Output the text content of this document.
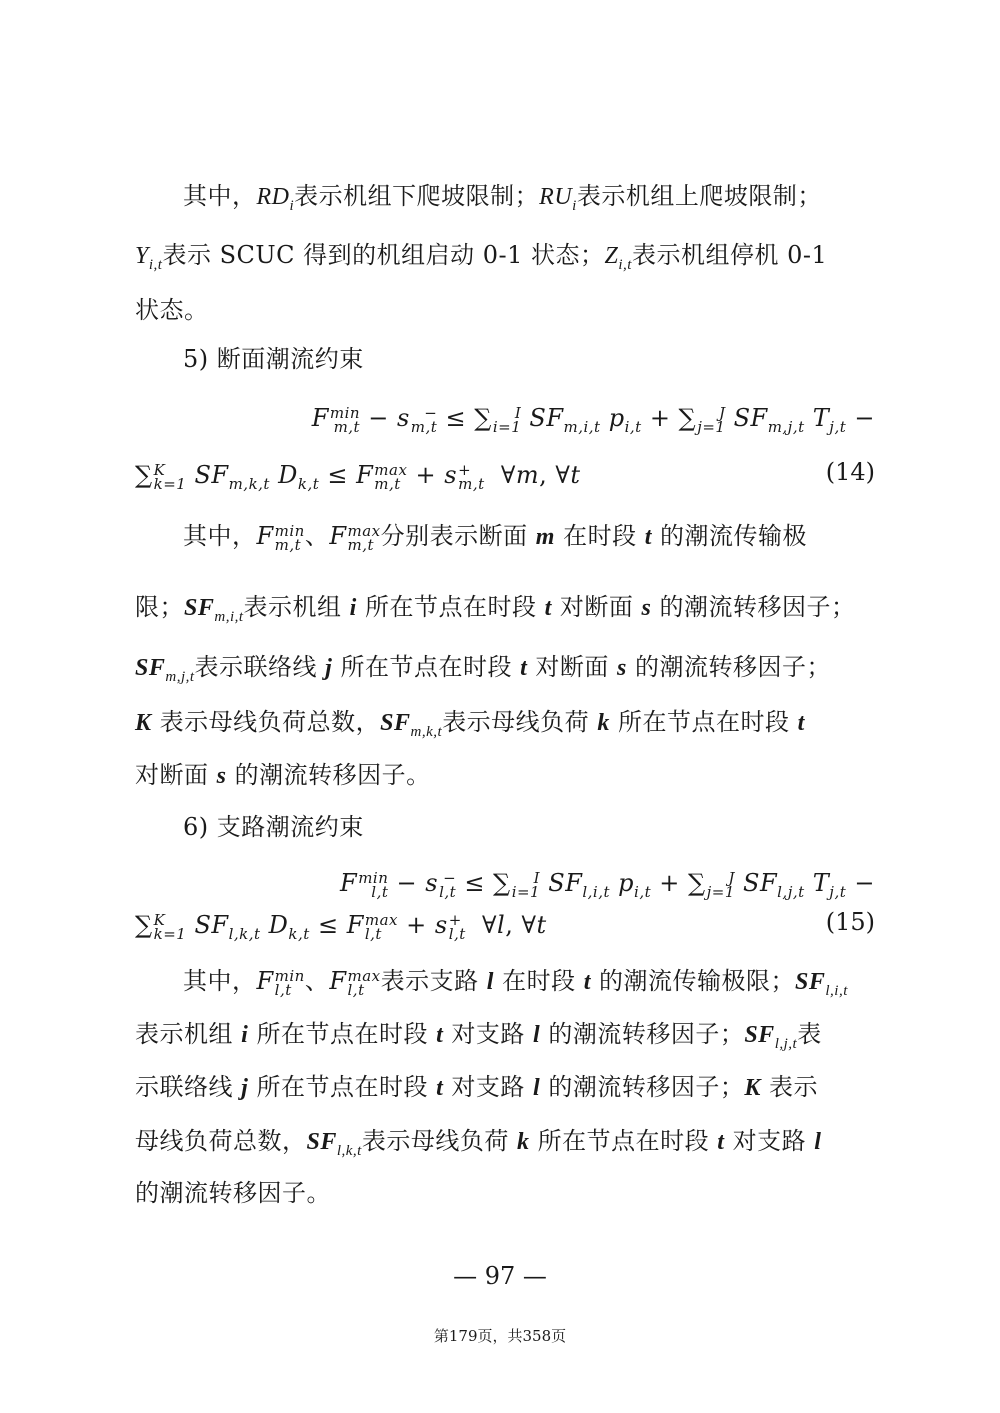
其中，$RD_i$表示机组下爬坡限制；$RU_i$表示机组上爬坡限制；
$Y_{i,t}$表示 SCUC 得到的机组启动 0-1 状态；$Z_{i,t}$表示机组停机 0-1
状态。
5) 断面潮流约束
F min
m,t − s −
m,t ≤ ∑	I
i=1 $SF_{m,i,t}$ $p_{i,t}$ + ∑	J
j=1 $SF_{m,j,t}$ $T_{j,t}$ −
∑ K
k=1 $SF_{m,k,t}$ $D_{k,t} \le F$ max
m,t + s +
m,t ∀m, ∀t	(14)
其中，F min
m,t 、F max
m,t 分别表示断面 m 在时段 t 的潮流传输极
限；$SF_{m,i,t}$表示机组 i 所在节点在时段 t 对断面 s 的潮流转移因子；
$SF_{m,j,t}$表示联络线 j 所在节点在时段 t 对断面 s 的潮流转移因子；
K 表示母线负荷总数，$SF_{m,k,t}$表示母线负荷 k 所在节点在时段 t
对断面 s 的潮流转移因子。
6) 支路潮流约束
F min
l,t − s −
l,t ≤ ∑	I
i=1 $SF_{l,i,t}$ $p_{i,t}$ + ∑	J
j=1 $SF_{l,j,t}$ $T_{j,t}$ −
∑ K
k=1 $SF_{l,k,t}$ $D_{k,t} \le F$ max
l,t + s +
l,t ∀l, ∀t	(15)
其中，F min
l,t 、F max
l,t 表示支路 l 在时段 t 的潮流传输极限；$SF_{l,i,t}$
表示机组 i 所在节点在时段 t 对支路 l 的潮流转移因子；$SF_{l,j,t}$表
示联络线 j 所在节点在时段 t 对支路 l 的潮流转移因子；K 表示
母线负荷总数，$SF_{l,k,t}$表示母线负荷 k 所在节点在时段 t 对支路 l
的潮流转移因子。
— 97 —
第179页，共358页
